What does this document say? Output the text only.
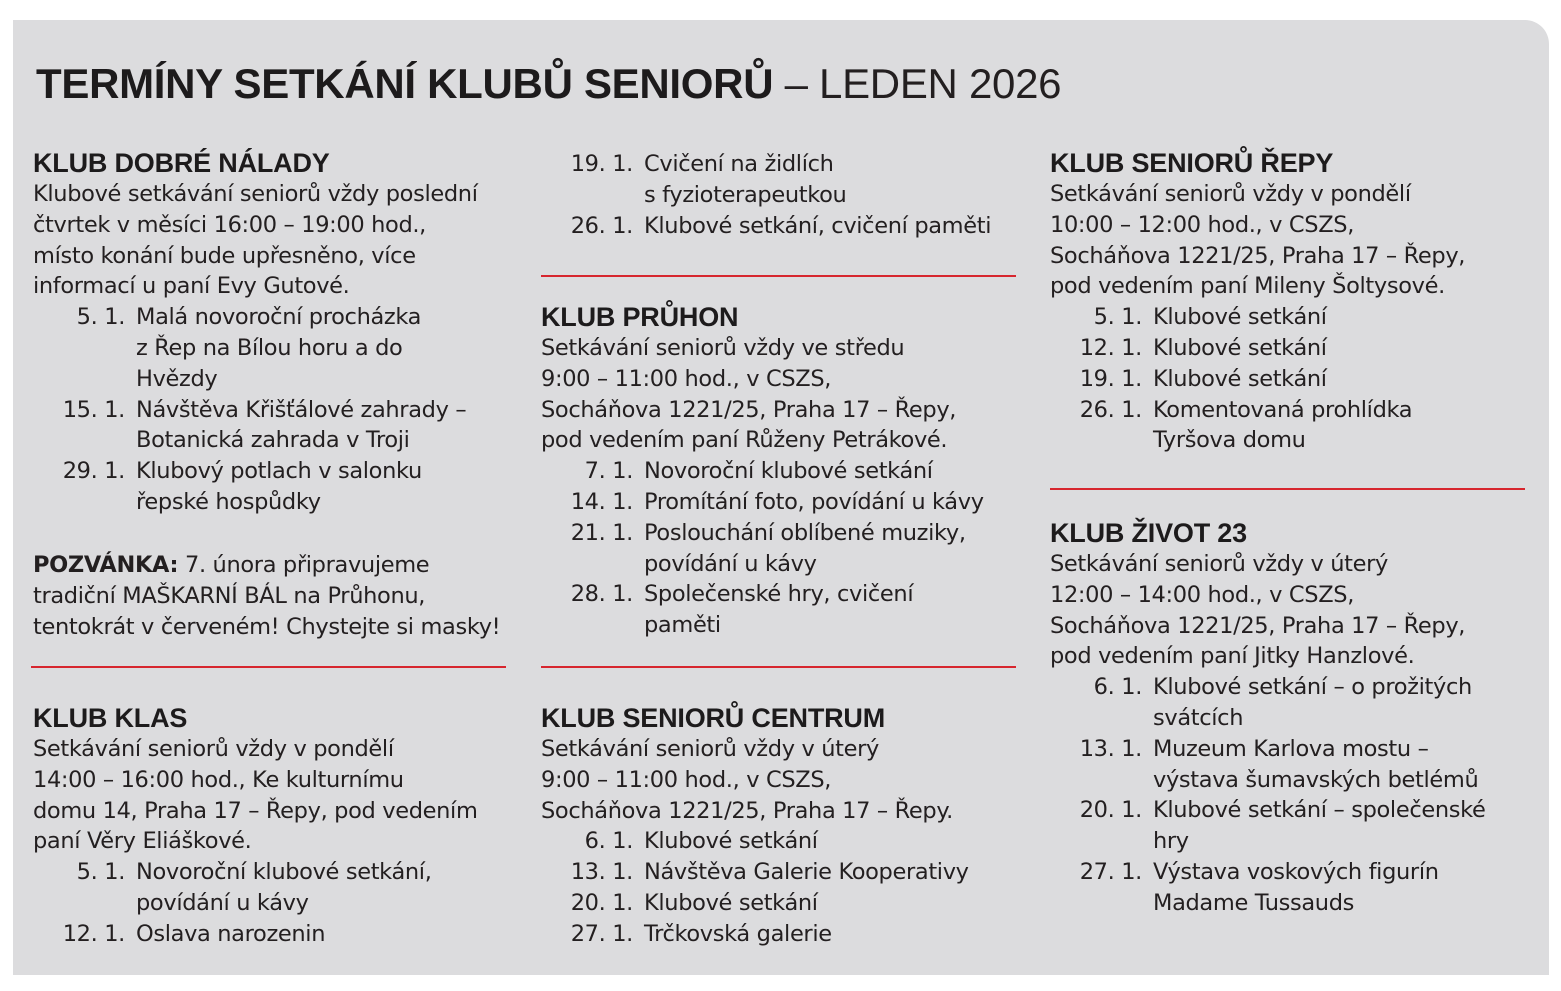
TERMÍNY SETKÁNÍ KLUBŮ SENIORŮ – LEDEN 2026
KLUB DOBRÉ NÁLADY
Klubové setkávání seniorů vždy poslední
čtvrtek v měsíci 16:00 – 19:00 hod.,
místo konání bude upřesněno, více
informací u paní Evy Gutové.
5. 1. Malá novoroční procházka
z Řep na Bílou horu a do
Hvězdy
15. 1. Návštěva Křišťálové zahrady –
Botanická zahrada v Troji
29. 1. Klubový potlach v salonku
řepské hospůdky
POZVÁNKA: 7. února připravujeme
tradiční MAŠKARNÍ BÁL na Průhonu,
tentokrát v červeném! Chystejte si masky!
KLUB KLAS
Setkávání seniorů vždy v pondělí
14:00 – 16:00 hod., Ke kulturnímu
domu 14, Praha 17 – Řepy, pod vedením
paní Věry Eliáškové.
5. 1. Novoroční klubové setkání,
povídání u kávy
12. 1. Oslava narozenin
19. 1. Cvičení na židlích
s fyzioterapeutkou
26. 1. Klubové setkání, cvičení paměti
KLUB PRŮHON
Setkávání seniorů vždy ve středu
9:00 – 11:00 hod., v CSZS,
Socháňova 1221/25, Praha 17 – Řepy,
pod vedením paní Růženy Petrákové.
7. 1. Novoroční klubové setkání
14. 1. Promítání foto, povídání u kávy
21. 1. Poslouchání oblíbené muziky,
povídání u kávy
28. 1. Společenské hry, cvičení
paměti
KLUB SENIORŮ CENTRUM
Setkávání seniorů vždy v úterý
9:00 – 11:00 hod., v CSZS,
Socháňova 1221/25, Praha 17 – Řepy.
6. 1. Klubové setkání
13. 1. Návštěva Galerie Kooperativy
20. 1. Klubové setkání
27. 1. Trčkovská galerie
KLUB SENIORŮ ŘEPY
Setkávání seniorů vždy v pondělí
10:00 – 12:00 hod., v CSZS,
Socháňova 1221/25, Praha 17 – Řepy,
pod vedením paní Mileny Šoltysové.
5. 1. Klubové setkání
12. 1. Klubové setkání
19. 1. Klubové setkání
26. 1. Komentovaná prohlídka
Tyršova domu
KLUB ŽIVOT 23
Setkávání seniorů vždy v úterý
12:00 – 14:00 hod., v CSZS,
Socháňova 1221/25, Praha 17 – Řepy,
pod vedením paní Jitky Hanzlové.
6. 1. Klubové setkání – o prožitých
svátcích
13. 1. Muzeum Karlova mostu –
výstava šumavských betlémů
20. 1. Klubové setkání – společenské
hry
27. 1. Výstava voskových figurín
Madame Tussauds
